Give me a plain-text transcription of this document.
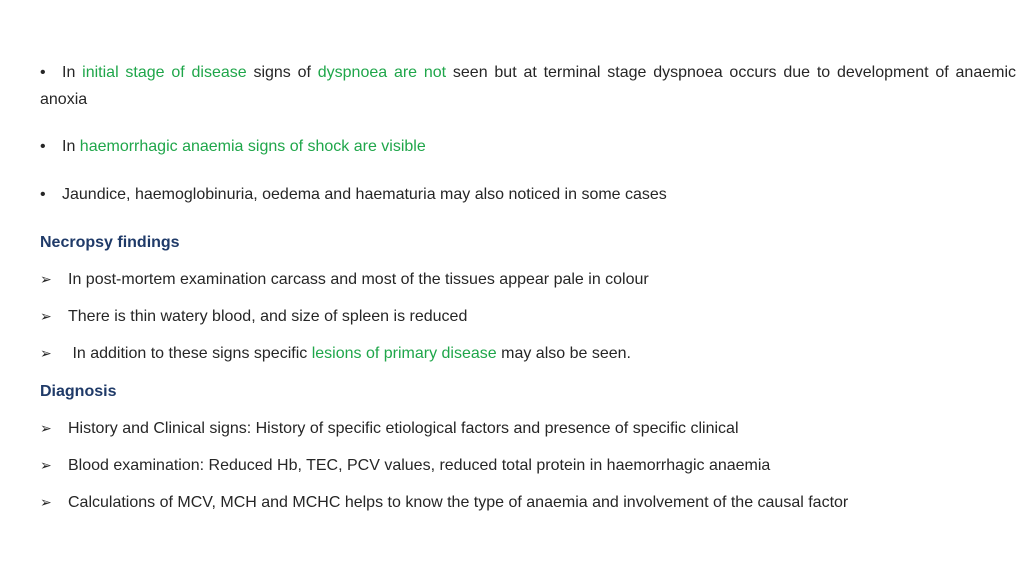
• In initial stage of disease signs of dyspnoea are not seen but at terminal stage dyspnoea occurs due to development of anaemic anoxia
• In haemorrhagic anaemia signs of shock are visible
• Jaundice, haemoglobinuria, oedema and haematuria may also noticed in some cases
Necropsy findings
➢ In post-mortem examination carcass and most of the tissues appear pale in colour
➢ There is thin watery blood, and size of spleen is reduced
➢ In addition to these signs specific lesions of primary disease may also be seen.
Diagnosis
➢ History and Clinical signs: History of specific etiological factors and presence of specific clinical
➢ Blood examination: Reduced Hb, TEC, PCV values, reduced total protein in haemorrhagic anaemia
➢ Calculations of MCV, MCH and MCHC helps to know the type of anaemia and involvement of the causal factor
